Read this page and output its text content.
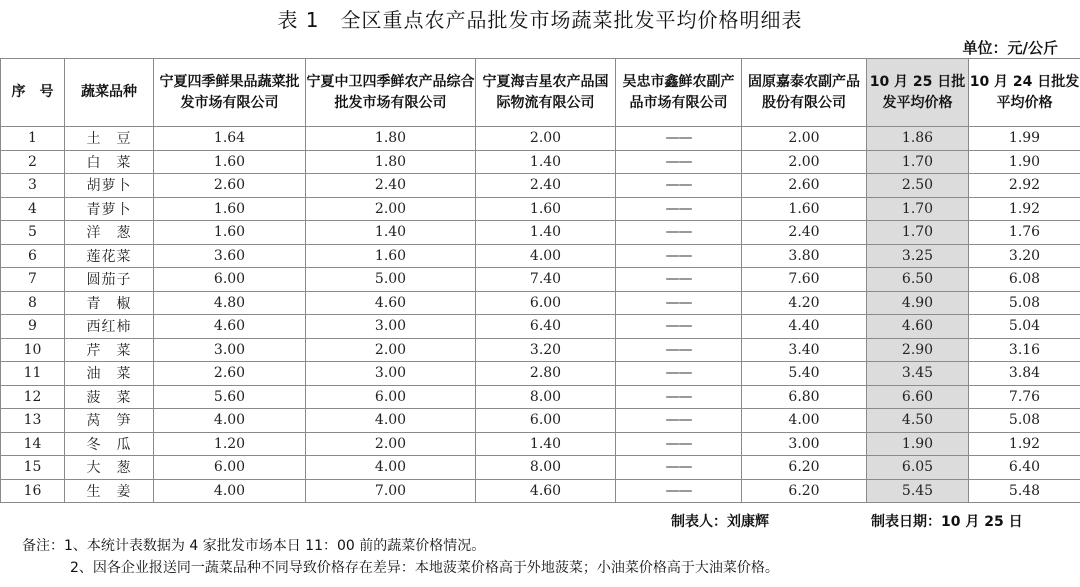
表 1　全区重点农产品批发市场蔬菜批发平均价格明细表
单位：元/公斤
序　号	蔬菜品种	宁夏四季鲜果品蔬菜批发市场有限公司	宁夏中卫四季鲜农产品综合批发市场有限公司	宁夏海吉星农产品国际物流有限公司	吴忠市鑫鲜农副产品市场有限公司	固原嘉泰农副产品股份有限公司	10 月 25 日批发平均价格	10 月 24 日批发平均价格
1	土　豆	1.64	1.80	2.00	——	2.00	1.86	1.99
2	白　菜	1.60	1.80	1.40	——	2.00	1.70	1.90
3	胡萝卜	2.60	2.40	2.40	——	2.60	2.50	2.92
4	青萝卜	1.60	2.00	1.60	——	1.60	1.70	1.92
5	洋　葱	1.60	1.40	1.40	——	2.40	1.70	1.76
6	莲花菜	3.60	1.60	4.00	——	3.80	3.25	3.20
7	圆茄子	6.00	5.00	7.40	——	7.60	6.50	6.08
8	青　椒	4.80	4.60	6.00	——	4.20	4.90	5.08
9	西红柿	4.60	3.00	6.40	——	4.40	4.60	5.04
10	芹　菜	3.00	2.00	3.20	——	3.40	2.90	3.16
11	油　菜	2.60	3.00	2.80	——	5.40	3.45	3.84
12	菠　菜	5.60	6.00	8.00	——	6.80	6.60	7.76
13	莴　笋	4.00	4.00	6.00	——	4.00	4.50	5.08
14	冬　瓜	1.20	2.00	1.40	——	3.00	1.90	1.92
15	大　葱	6.00	4.00	8.00	——	6.20	6.05	6.40
16	生　姜	4.00	7.00	4.60	——	6.20	5.45	5.48
制表人：刘康辉	制表日期：10 月 25 日
备注：1、本统计表数据为 4 家批发市场本日 11：00 前的蔬菜价格情况。
2、因各企业报送同一蔬菜品种不同导致价格存在差异：本地菠菜价格高于外地菠菜；小油菜价格高于大油菜价格。
